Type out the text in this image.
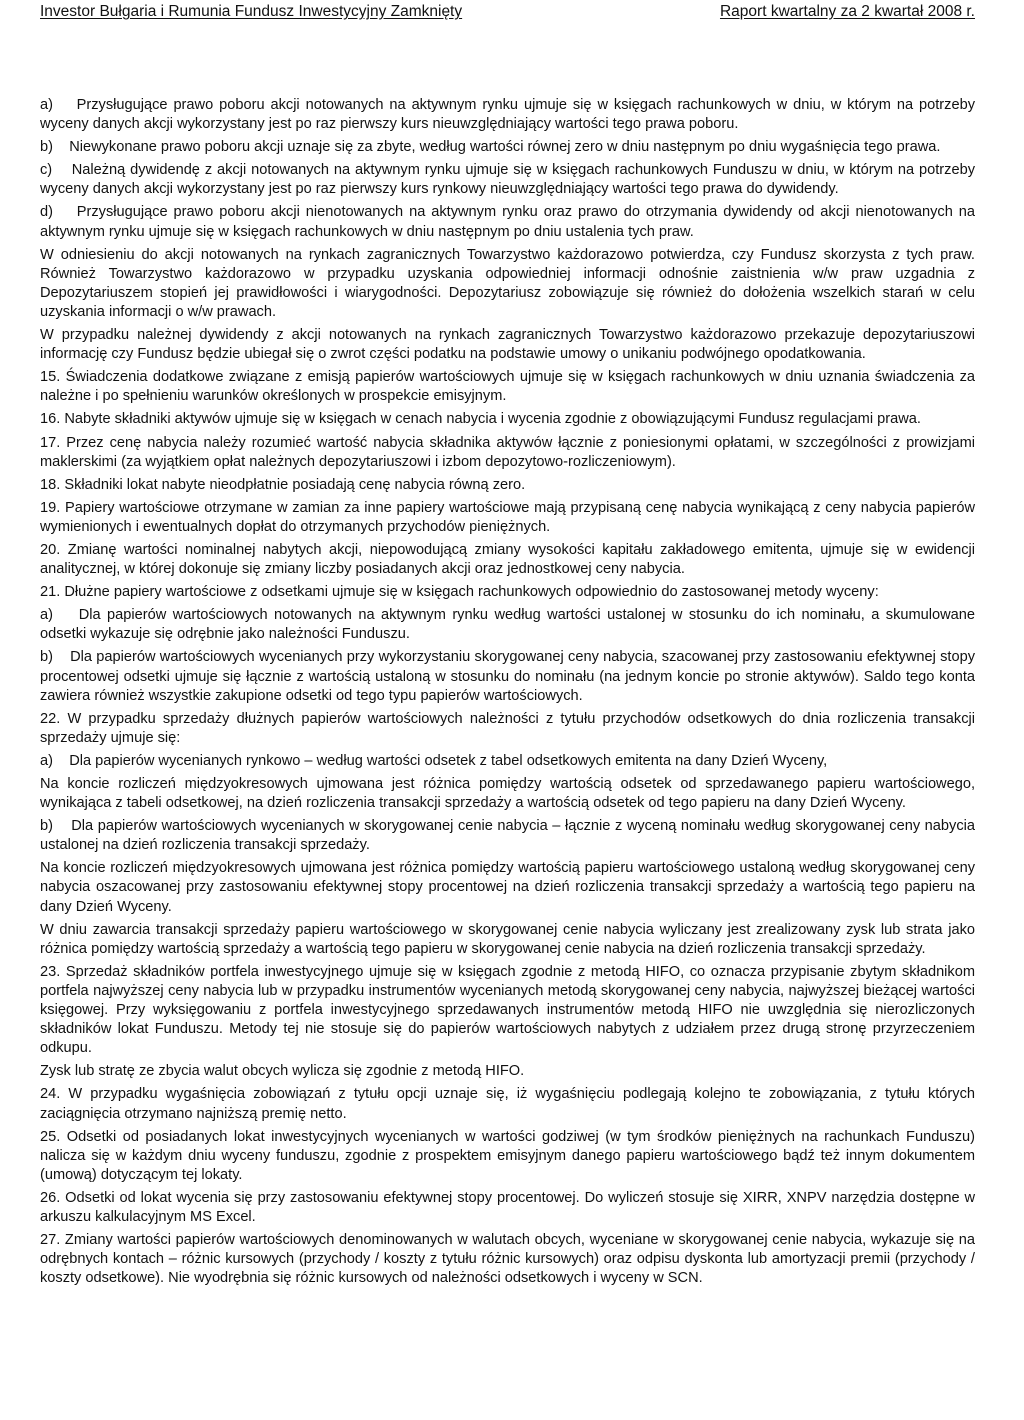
Investor Bułgaria i Rumunia Fundusz Inwestycyjny Zamknięty	Raport kwartalny za 2 kwartał 2008 r.

a)    Przysługujące prawo poboru akcji notowanych na aktywnym rynku ujmuje się w księgach rachunkowych w dniu, w którym na potrzeby wyceny danych akcji wykorzystany jest po raz pierwszy kurs nieuwzględniający wartości tego prawa poboru.

b)    Niewykonane prawo poboru akcji uznaje się za zbyte, według wartości równej zero w dniu następnym po dniu wygaśnięcia tego prawa.

c)    Należną dywidendę z akcji notowanych na aktywnym rynku ujmuje się w księgach rachunkowych Funduszu w dniu, w którym na potrzeby wyceny danych akcji wykorzystany jest po raz pierwszy kurs rynkowy nieuwzględniający wartości tego prawa do dywidendy.

d)    Przysługujące prawo poboru akcji nienotowanych na aktywnym rynku oraz prawo do otrzymania dywidendy od akcji nienotowanych na aktywnym rynku ujmuje się w księgach rachunkowych w dniu następnym po dniu ustalenia tych praw.

W odniesieniu do akcji notowanych na rynkach zagranicznych Towarzystwo każdorazowo potwierdza, czy Fundusz skorzysta z tych praw. Również Towarzystwo każdorazowo w przypadku uzyskania odpowiedniej informacji odnośnie zaistnienia w/w praw uzgadnia z Depozytariuszem stopień jej prawidłowości i wiarygodności. Depozytariusz zobowiązuje się również do dołożenia wszelkich starań w celu uzyskania informacji o w/w prawach.

W przypadku należnej dywidendy z akcji notowanych na rynkach zagranicznych Towarzystwo każdorazowo przekazuje depozytariuszowi informację czy Fundusz będzie ubiegał się o zwrot części podatku na podstawie umowy o unikaniu podwójnego opodatkowania.

15. Świadczenia dodatkowe związane z emisją papierów wartościowych ujmuje się w księgach rachunkowych w dniu uznania świadczenia za należne i po spełnieniu warunków określonych w prospekcie emisyjnym.

16. Nabyte składniki aktywów ujmuje się w księgach w cenach nabycia i wycenia zgodnie z obowiązującymi Fundusz regulacjami prawa.

17. Przez cenę nabycia należy rozumieć wartość nabycia składnika aktywów łącznie z poniesionymi opłatami, w szczególności z prowizjami maklerskimi (za wyjątkiem opłat należnych depozytariuszowi i izbom depozytowo-rozliczeniowym).

18. Składniki lokat nabyte nieodpłatnie posiadają cenę nabycia równą zero.

19. Papiery wartościowe otrzymane w zamian za inne papiery wartościowe mają przypisaną cenę nabycia wynikającą z ceny nabycia papierów wymienionych i ewentualnych dopłat do otrzymanych przychodów pieniężnych.

20. Zmianę wartości nominalnej nabytych akcji, niepowodującą zmiany wysokości kapitału zakładowego emitenta, ujmuje się w ewidencji analitycznej, w której dokonuje się zmiany liczby posiadanych akcji oraz jednostkowej ceny nabycia.

21. Dłużne papiery wartościowe z odsetkami ujmuje się w księgach rachunkowych odpowiednio do zastosowanej metody wyceny:

a)    Dla papierów wartościowych notowanych na aktywnym rynku według wartości ustalonej w stosunku do ich nominału, a skumulowane odsetki wykazuje się odrębnie jako należności Funduszu.

b)    Dla papierów wartościowych wycenianych przy wykorzystaniu skorygowanej ceny nabycia, szacowanej przy zastosowaniu efektywnej stopy procentowej odsetki ujmuje się łącznie z wartością ustaloną w stosunku do nominału (na jednym koncie po stronie aktywów). Saldo tego konta zawiera również wszystkie zakupione odsetki od tego typu papierów wartościowych.

22. W przypadku sprzedaży dłużnych papierów wartościowych należności z tytułu przychodów odsetkowych do dnia rozliczenia transakcji sprzedaży ujmuje się:

a)    Dla papierów wycenianych rynkowo – według wartości odsetek z tabel odsetkowych emitenta na dany Dzień Wyceny,

Na koncie rozliczeń międzyokresowych ujmowana jest różnica pomiędzy wartością odsetek od sprzedawanego papieru wartościowego, wynikająca z tabeli odsetkowej, na dzień rozliczenia transakcji sprzedaży a wartością odsetek od tego papieru na dany Dzień Wyceny.

b)    Dla papierów wartościowych wycenianych w skorygowanej cenie nabycia – łącznie z wyceną nominału według skorygowanej ceny nabycia ustalonej na dzień rozliczenia transakcji sprzedaży.

Na koncie rozliczeń międzyokresowych ujmowana jest różnica pomiędzy wartością papieru wartościowego ustaloną według skorygowanej ceny nabycia oszacowanej przy zastosowaniu efektywnej stopy procentowej na dzień rozliczenia transakcji sprzedaży a wartością tego papieru na dany Dzień Wyceny.

W dniu zawarcia transakcji sprzedaży papieru wartościowego w skorygowanej cenie nabycia wyliczany jest zrealizowany zysk lub strata jako różnica pomiędzy wartością sprzedaży a wartością tego papieru w skorygowanej cenie nabycia na dzień rozliczenia transakcji sprzedaży.

23. Sprzedaż składników portfela inwestycyjnego ujmuje się w księgach zgodnie z metodą HIFO, co oznacza przypisanie zbytym składnikom portfela najwyższej ceny nabycia lub w przypadku instrumentów wycenianych metodą skorygowanej ceny nabycia, najwyższej bieżącej wartości księgowej. Przy wyksięgowaniu z portfela inwestycyjnego sprzedawanych instrumentów metodą HIFO nie uwzględnia się nierozliczonych składników lokat Funduszu. Metody tej nie stosuje się do papierów wartościowych nabytych z udziałem przez drugą stronę przyrzeczeniem odkupu.

Zysk lub stratę ze zbycia walut obcych wylicza się zgodnie z metodą HIFO.

24. W przypadku wygaśnięcia zobowiązań z tytułu opcji uznaje się, iż wygaśnięciu podlegają kolejno te zobowiązania, z tytułu których zaciągnięcia otrzymano najniższą premię netto.

25. Odsetki od posiadanych lokat inwestycyjnych wycenianych w wartości godziwej (w tym środków pieniężnych na rachunkach Funduszu) nalicza się w każdym dniu wyceny funduszu, zgodnie z prospektem emisyjnym danego papieru wartościowego bądź też innym dokumentem (umową) dotyczącym tej lokaty.

26. Odsetki od lokat wycenia się przy zastosowaniu efektywnej stopy procentowej. Do wyliczeń stosuje się XIRR, XNPV narzędzia dostępne w arkuszu kalkulacyjnym MS Excel.

27. Zmiany wartości papierów wartościowych denominowanych w walutach obcych, wyceniane w skorygowanej cenie nabycia, wykazuje się na odrębnych kontach – różnic kursowych (przychody / koszty z tytułu różnic kursowych) oraz odpisu dyskonta lub amortyzacji premii (przychody / koszty odsetkowe). Nie wyodrębnia się różnic kursowych od należności odsetkowych i wyceny w SCN.
